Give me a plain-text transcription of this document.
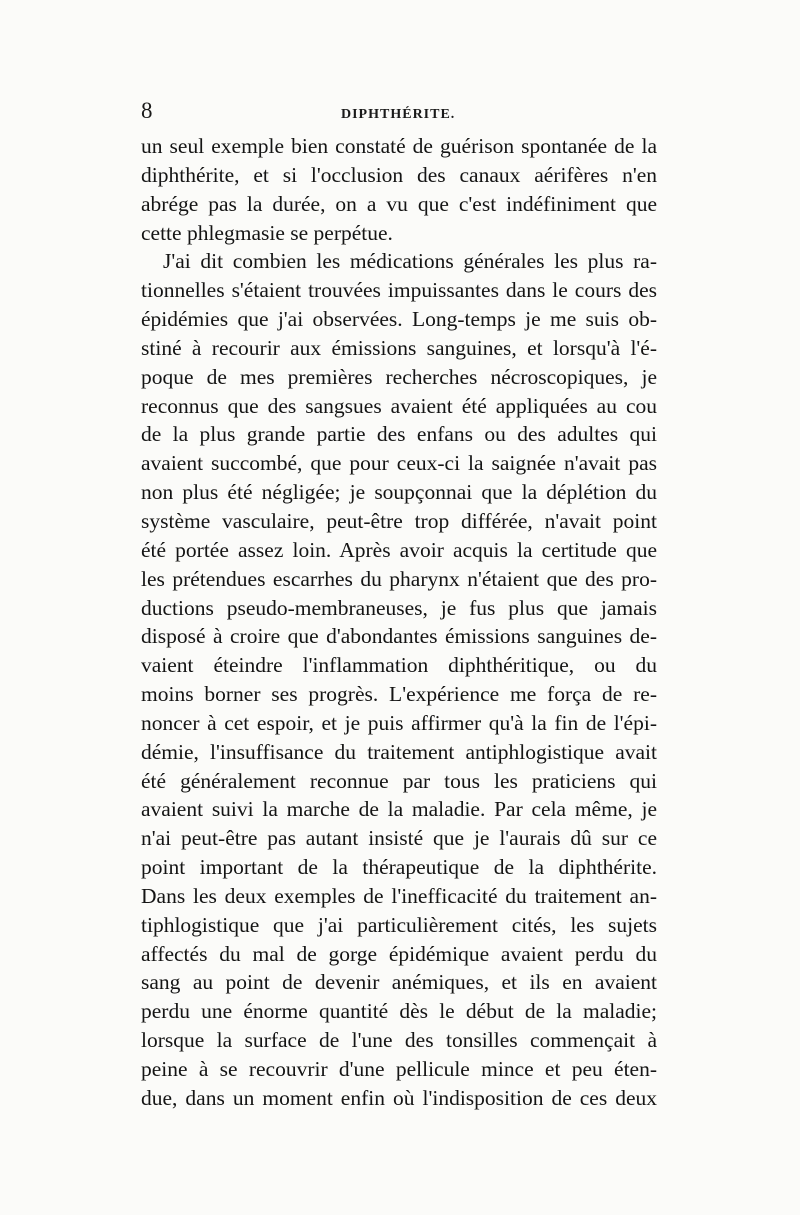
8	DIPHTHÉRITE.
un seul exemple bien constaté de guérison spontanée de la
diphthérite, et si l'occlusion des canaux aérifères n'en
abrége pas la durée, on a vu que c'est indéfiniment que
cette phlegmasie se perpétue.
J'ai dit combien les médications générales les plus ra-
tionnelles s'étaient trouvées impuissantes dans le cours des
épidémies que j'ai observées. Long-temps je me suis ob-
stiné à recourir aux émissions sanguines, et lorsqu'à l'é-
poque de mes premières recherches nécroscopiques, je
reconnus que des sangsues avaient été appliquées au cou
de la plus grande partie des enfans ou des adultes qui
avaient succombé, que pour ceux-ci la saignée n'avait pas
non plus été négligée; je soupçonnai que la déplétion du
système vasculaire, peut-être trop différée, n'avait point
été portée assez loin. Après avoir acquis la certitude que
les prétendues escarrhes du pharynx n'étaient que des pro-
ductions pseudo-membraneuses, je fus plus que jamais
disposé à croire que d'abondantes émissions sanguines de-
vaient éteindre l'inflammation diphthéritique, ou du
moins borner ses progrès. L'expérience me força de re-
noncer à cet espoir, et je puis affirmer qu'à la fin de l'épi-
démie, l'insuffisance du traitement antiphlogistique avait
été généralement reconnue par tous les praticiens qui
avaient suivi la marche de la maladie. Par cela même, je
n'ai peut-être pas autant insisté que je l'aurais dû sur ce
point important de la thérapeutique de la diphthérite.
Dans les deux exemples de l'inefficacité du traitement an-
tiphlogistique que j'ai particulièrement cités, les sujets
affectés du mal de gorge épidémique avaient perdu du
sang au point de devenir anémiques, et ils en avaient
perdu une énorme quantité dès le début de la maladie;
lorsque la surface de l'une des tonsilles commençait à
peine à se recouvrir d'une pellicule mince et peu éten-
due, dans un moment enfin où l'indisposition de ces deux
